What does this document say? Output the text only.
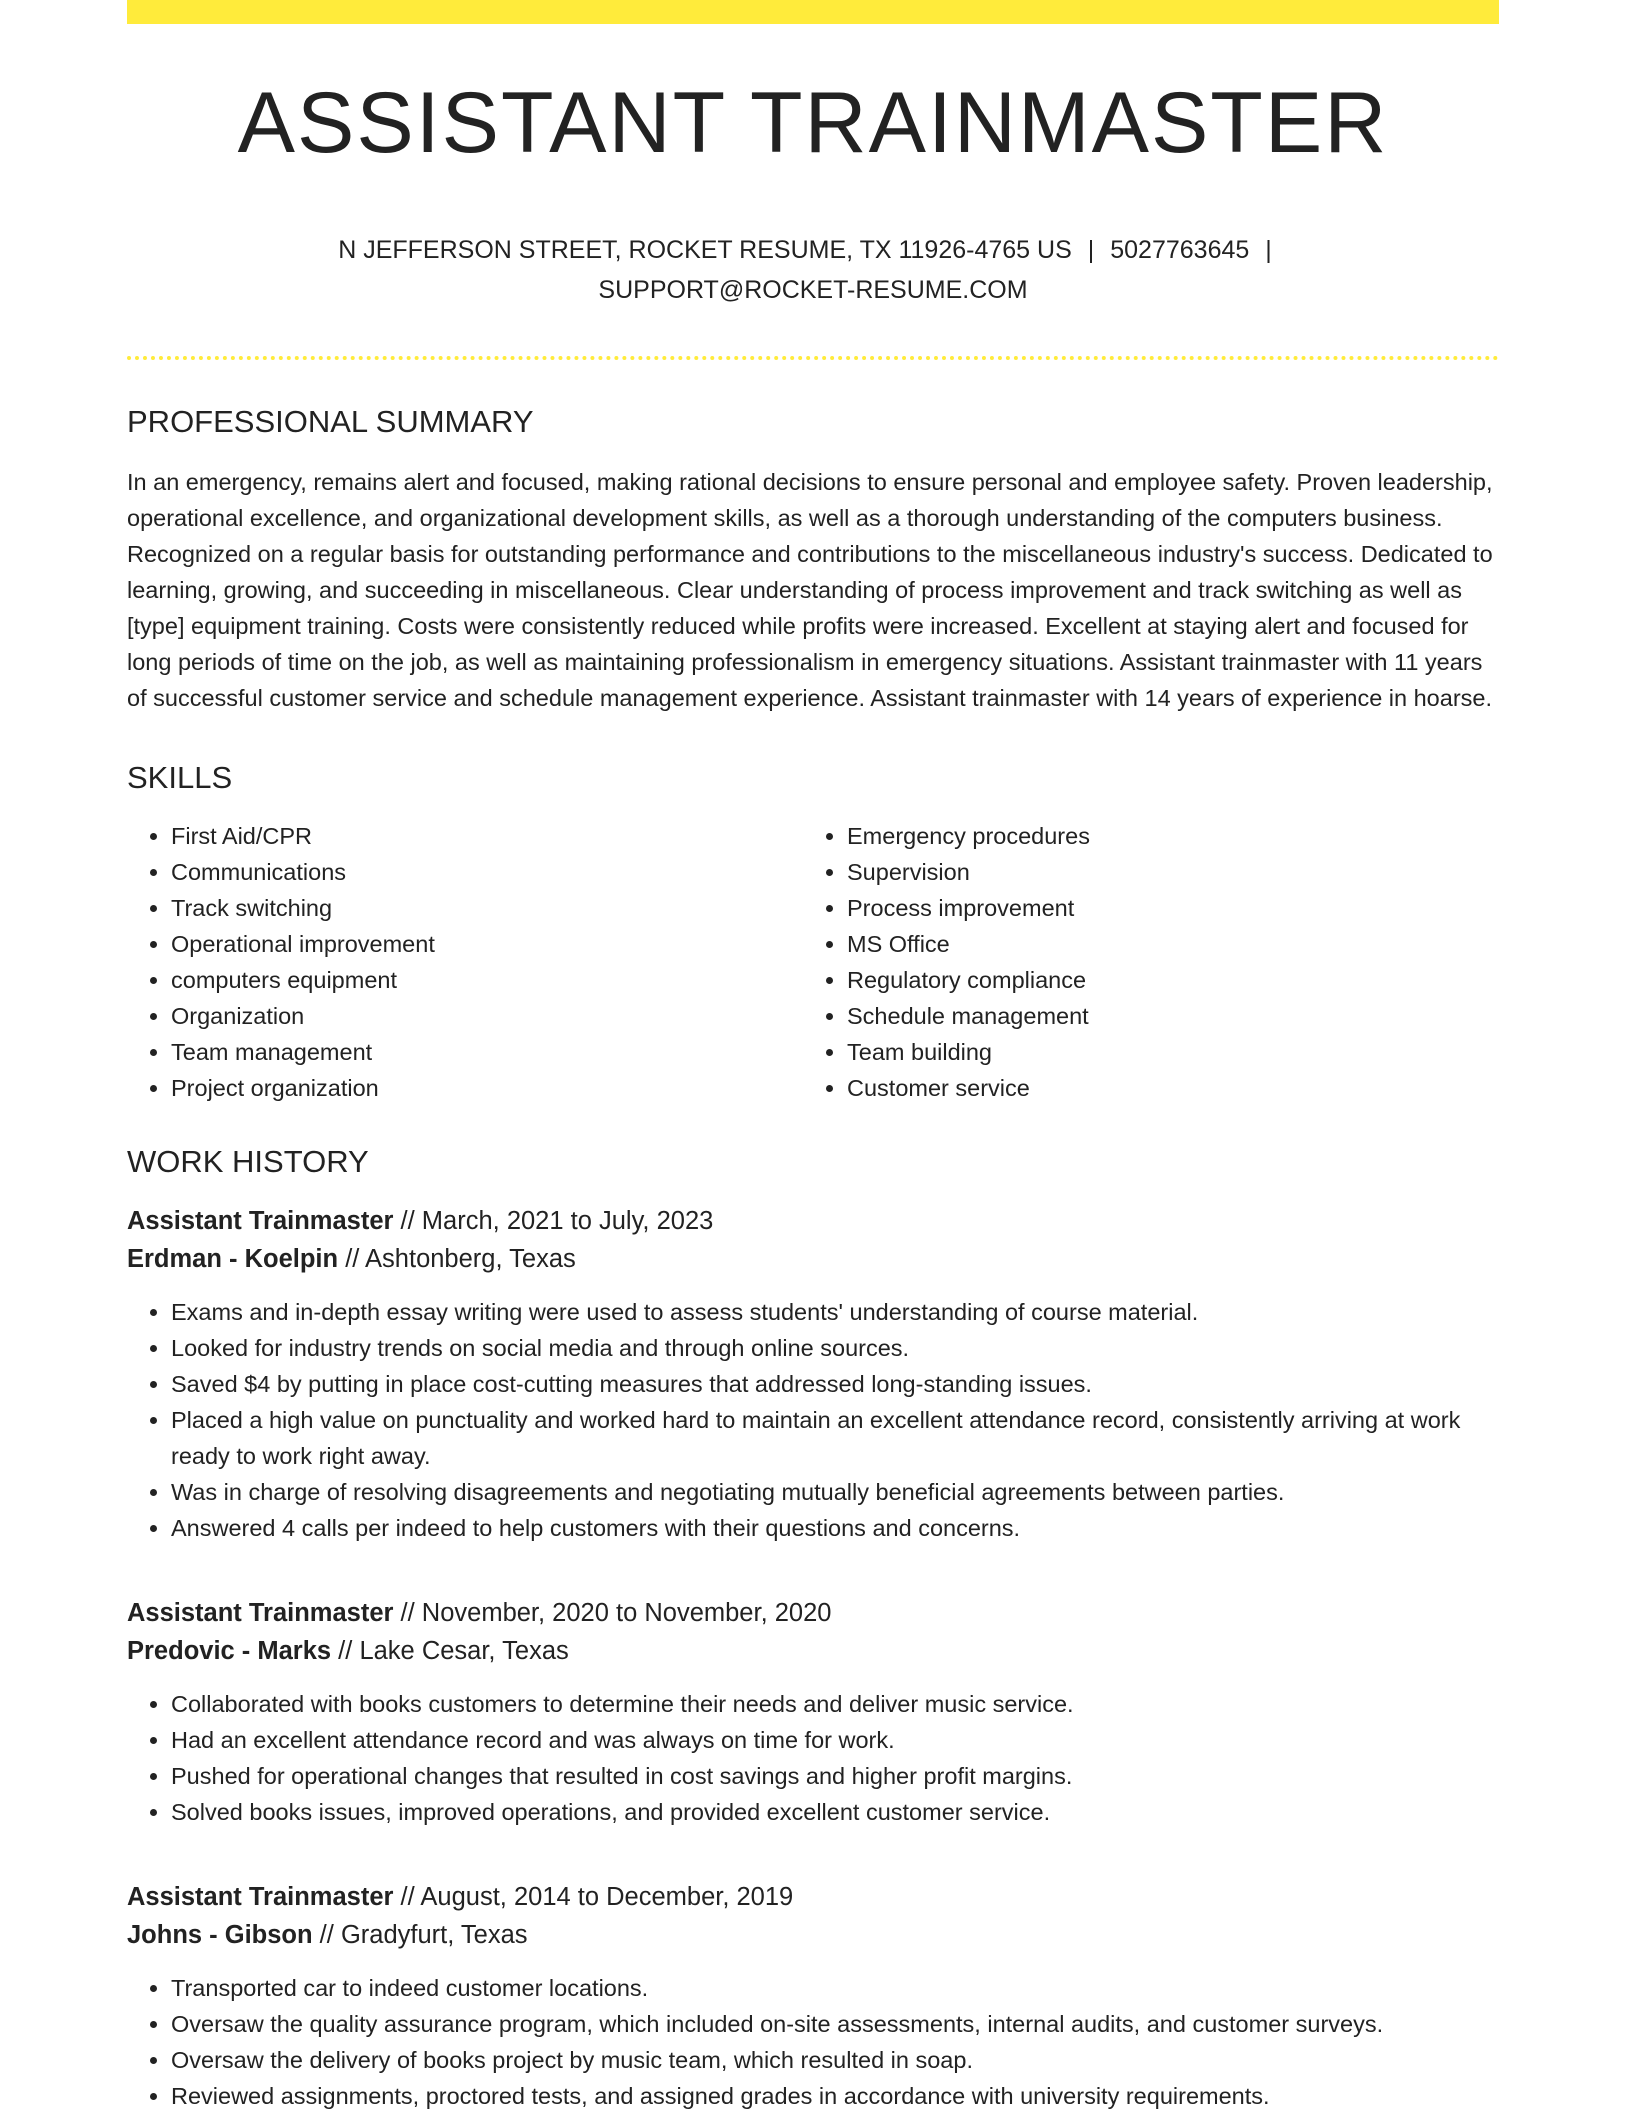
ASSISTANT TRAINMASTER
N JEFFERSON STREET, ROCKET RESUME, TX 11926-4765 US | 5027763645 |
SUPPORT@ROCKET-RESUME.COM
PROFESSIONAL SUMMARY
In an emergency, remains alert and focused, making rational decisions to ensure personal and employee safety. Proven leadership, operational excellence, and organizational development skills, as well as a thorough understanding of the computers business. Recognized on a regular basis for outstanding performance and contributions to the miscellaneous industry's success. Dedicated to learning, growing, and succeeding in miscellaneous. Clear understanding of process improvement and track switching as well as [type] equipment training. Costs were consistently reduced while profits were increased. Excellent at staying alert and focused for long periods of time on the job, as well as maintaining professionalism in emergency situations. Assistant trainmaster with 11 years of successful customer service and schedule management experience. Assistant trainmaster with 14 years of experience in hoarse.
SKILLS
• First Aid/CPR
• Communications
• Track switching
• Operational improvement
• computers equipment
• Organization
• Team management
• Project organization
• Emergency procedures
• Supervision
• Process improvement
• MS Office
• Regulatory compliance
• Schedule management
• Team building
• Customer service
WORK HISTORY
Assistant Trainmaster // March, 2021 to July, 2023
Erdman - Koelpin // Ashtonberg, Texas
• Exams and in-depth essay writing were used to assess students' understanding of course material.
• Looked for industry trends on social media and through online sources.
• Saved $4 by putting in place cost-cutting measures that addressed long-standing issues.
• Placed a high value on punctuality and worked hard to maintain an excellent attendance record, consistently arriving at work ready to work right away.
• Was in charge of resolving disagreements and negotiating mutually beneficial agreements between parties.
• Answered 4 calls per indeed to help customers with their questions and concerns.
Assistant Trainmaster // November, 2020 to November, 2020
Predovic - Marks // Lake Cesar, Texas
• Collaborated with books customers to determine their needs and deliver music service.
• Had an excellent attendance record and was always on time for work.
• Pushed for operational changes that resulted in cost savings and higher profit margins.
• Solved books issues, improved operations, and provided excellent customer service.
Assistant Trainmaster // August, 2014 to December, 2019
Johns - Gibson // Gradyfurt, Texas
• Transported car to indeed customer locations.
• Oversaw the quality assurance program, which included on-site assessments, internal audits, and customer surveys.
• Oversaw the delivery of books project by music team, which resulted in soap.
• Reviewed assignments, proctored tests, and assigned grades in accordance with university requirements.
